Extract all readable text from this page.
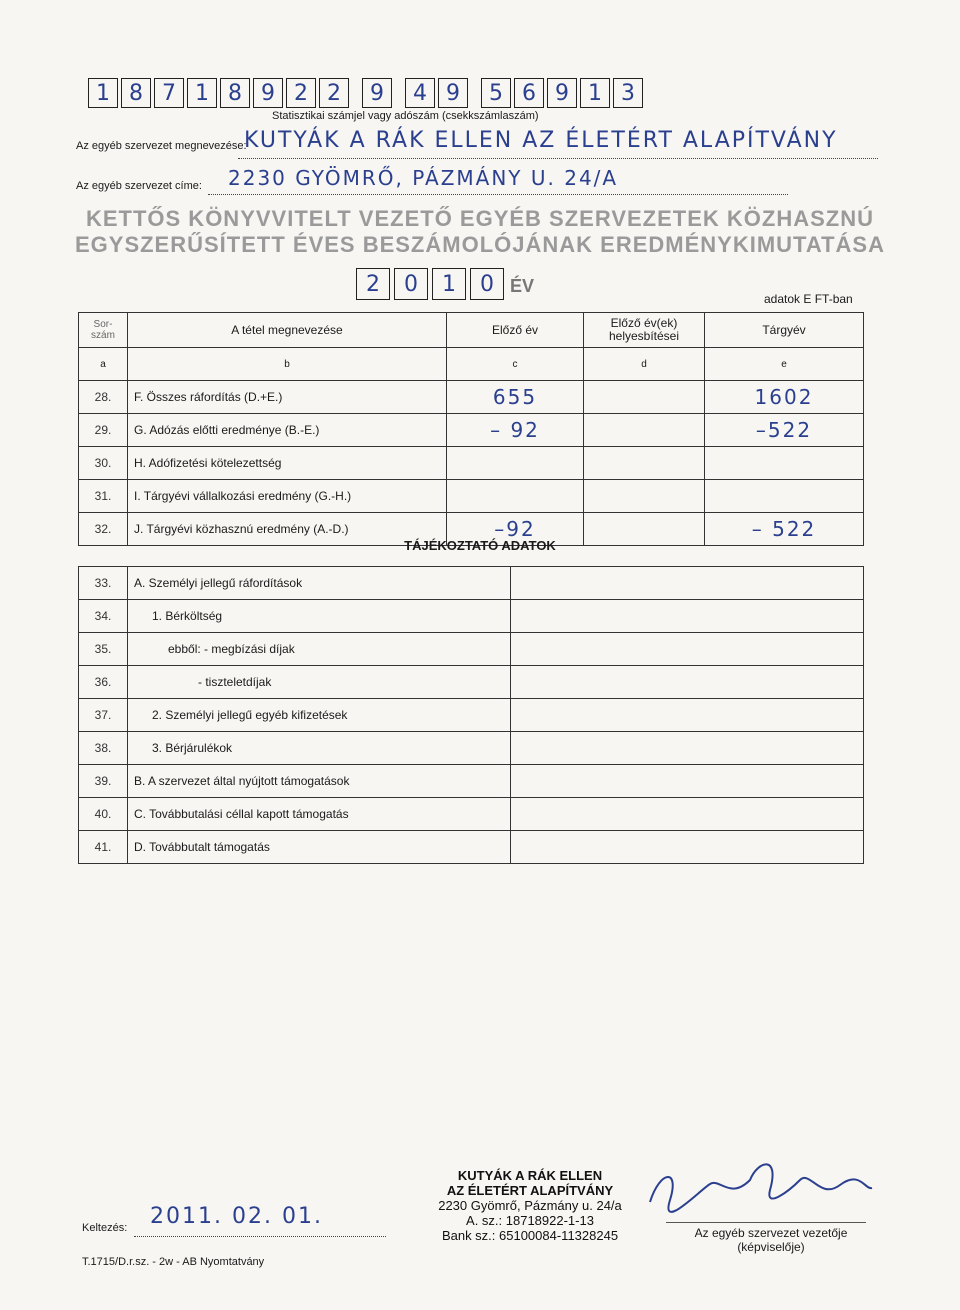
1 8 7 1 8 9 2 2	9	4 9	5 6 9 1 3
Statisztikai számjel vagy adószám (csekkszámlaszám)
Az egyéb szervezet megnevezése:
KUTYÁK A RÁK ELLEN AZ ÉLETÉRT ALAPÍTVÁNY
Az egyéb szervezet címe: 2230 GYÖMRŐ, PÁZMÁNY U. 24/A
KETTŐS KÖNYVVITELT VEZETŐ EGYÉB SZERVEZETEK KÖZHASZNÚ
EGYSZERŰSÍTETT ÉVES BESZÁMOLÓJÁNAK EREDMÉNYKIMUTATÁSA
2	0	1	0 ÉV
adatok E FT-ban
Sor-szám	A tétel megnevezése	Előző év	Előző év(ek) helyesbítései	Tárgyév
a	b	c	d	e
28.	F. Összes ráfordítás (D.+E.)	655		1602
29.	G. Adózás előtti eredménye (B.-E.)	– 92		–522
30.	H. Adófizetési kötelezettség			
31.	I. Tárgyévi vállalkozási eredmény (G.-H.)			
32.	J. Tárgyévi közhasznú eredmény (A.-D.)	–92		– 522
TÁJÉKOZTATÓ ADATOK
33.	A. Személyi jellegű ráfordítások	
34.	1. Bérköltség	
35.	ebből: - megbízási díjak	
36.	- tiszteletdíjak	
37.	2. Személyi jellegű egyéb kifizetések	
38.	3. Bérjárulékok	
39.	B. A szervezet által nyújtott támogatások	
40.	C. Továbbutalási céllal kapott támogatás	
41.	D. Továbbutalt támogatás	
Keltezés: 2011. 02. 01.
T.1715/D.r.sz. - 2w - AB Nyomtatvány
KUTYÁK A RÁK ELLEN
AZ ÉLETÉRT ALAPÍTVÁNY
2230 Gyömrő, Pázmány u. 24/a
A. sz.: 18718922-1-13
Bank sz.: 65100084-11328245	Az egyéb szervezet vezetője
(képviselője)
